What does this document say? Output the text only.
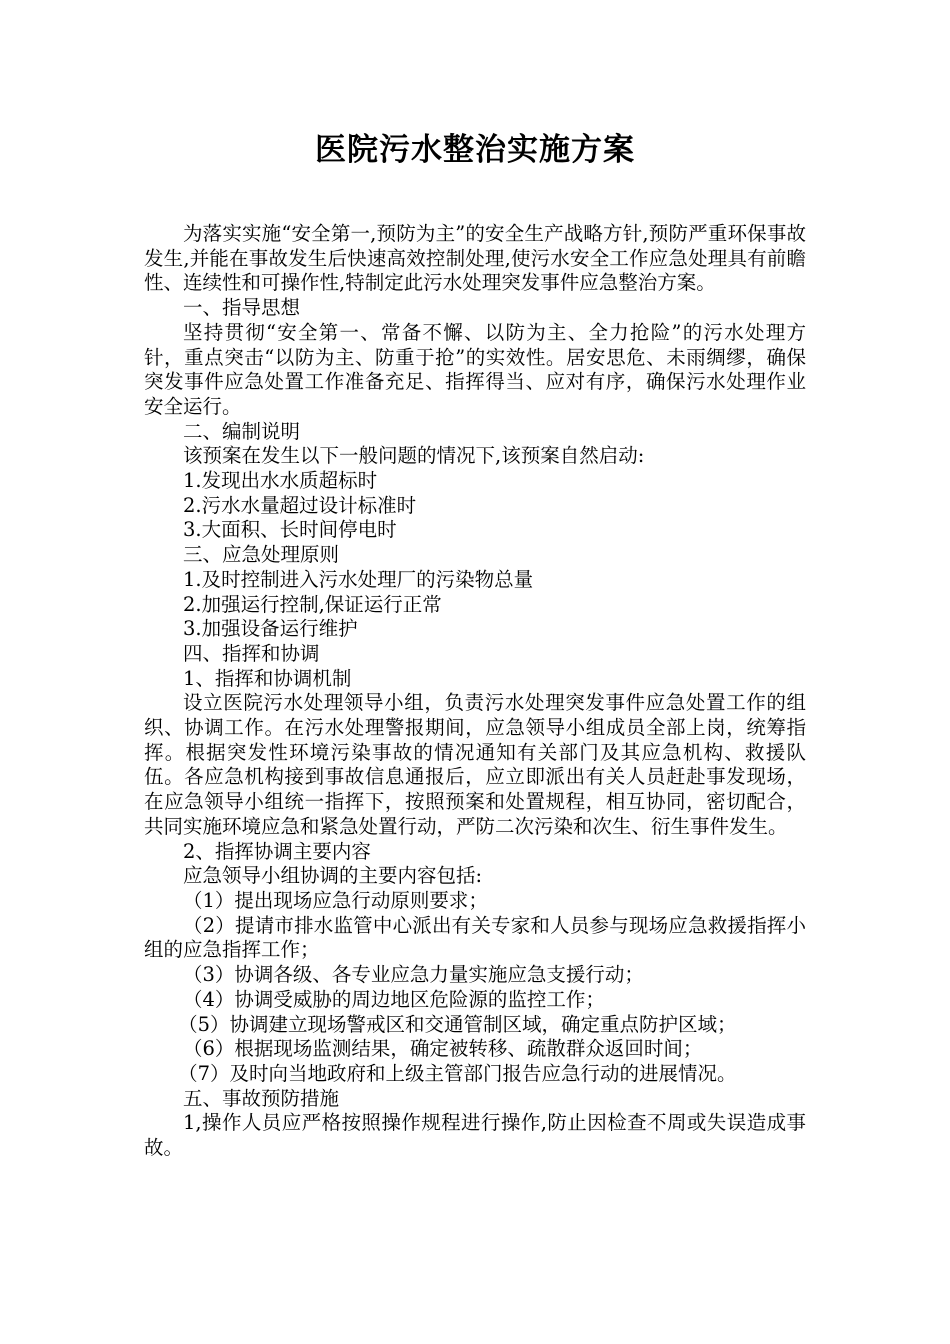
医院污水整治实施方案

为落实实施“安全第一,预防为主”的安全生产战略方针,预防严重环保事故发生,并能在事故发生后快速高效控制处理,使污水安全工作应急处理具有前瞻性、连续性和可操作性,特制定此污水处理突发事件应急整治方案。

一、指导思想

坚持贯彻“安全第一、常备不懈、以防为主、全力抢险”的污水处理方针，重点突击“以防为主、防重于抢”的实效性。居安思危、未雨绸缪，确保突发事件应急处置工作准备充足、指挥得当、应对有序，确保污水处理作业安全运行。

二、编制说明

该预案在发生以下一般问题的情况下,该预案自然启动:

1.发现出水水质超标时

2.污水水量超过设计标准时

3.大面积、长时间停电时

三、应急处理原则

1.及时控制进入污水处理厂的污染物总量

2.加强运行控制,保证运行正常

3.加强设备运行维护

四、指挥和协调

1、指挥和协调机制

设立医院污水处理领导小组，负责污水处理突发事件应急处置工作的组织、协调工作。在污水处理警报期间，应急领导小组成员全部上岗，统筹指挥。根据突发性环境污染事故的情况通知有关部门及其应急机构、救援队伍。各应急机构接到事故信息通报后，应立即派出有关人员赶赴事发现场，在应急领导小组统一指挥下，按照预案和处置规程，相互协同，密切配合，共同实施环境应急和紧急处置行动，严防二次污染和次生、衍生事件发生。

2、指挥协调主要内容

应急领导小组协调的主要内容包括:

（1）提出现场应急行动原则要求；

（2）提请市排水监管中心派出有关专家和人员参与现场应急救援指挥小组的应急指挥工作；

（3）协调各级、各专业应急力量实施应急支援行动；

（4）协调受威胁的周边地区危险源的监控工作；

（5）协调建立现场警戒区和交通管制区域，确定重点防护区域；

（6）根据现场监测结果，确定被转移、疏散群众返回时间；

（7）及时向当地政府和上级主管部门报告应急行动的进展情况。

五、事故预防措施

1,操作人员应严格按照操作规程进行操作,防止因检查不周或失误造成事故。
